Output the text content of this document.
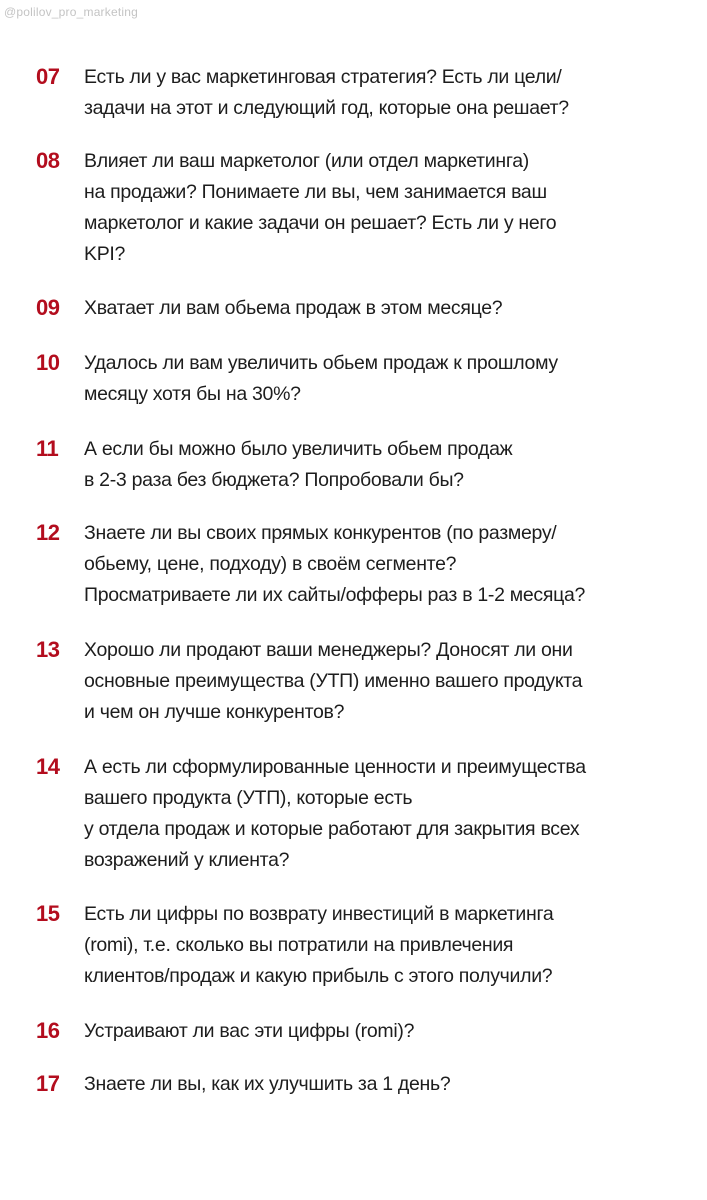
@polilov_pro_marketing
07 Есть ли у вас маркетинговая стратегия? Есть ли цели/
задачи на этот и следующий год, которые она решает?
08 Влияет ли ваш маркетолог (или отдел маркетинга)
на продажи? Понимаете ли вы, чем занимается ваш
маркетолог и какие задачи он решает? Есть ли у него
KPI?
09 Хватает ли вам обьема продаж в этом месяце?
10 Удалось ли вам увеличить обьем продаж к прошлому
месяцу хотя бы на 30%?
11 А если бы можно было увеличить обьем продаж
в 2-3 раза без бюджета? Попробовали бы?
12 Знаете ли вы своих прямых конкурентов (по размеру/
обьему, цене, подходу) в своём сегменте?
Просматриваете ли их сайты/офферы раз в 1-2 месяца?
13 Хорошо ли продают ваши менеджеры? Доносят ли они
основные преимущества (УТП) именно вашего продукта
и чем он лучше конкурентов?
14 А есть ли сформулированные ценности и преимущества
вашего продукта (УТП), которые есть
у отдела продаж и которые работают для закрытия всех
возражений у клиента?
15 Есть ли цифры по возврату инвестиций в маркетинга
(romi), т.е. сколько вы потратили на привлечения
клиентов/продаж и какую прибыль с этого получили?
16 Устраивают ли вас эти цифры (romi)?
17 Знаете ли вы, как их улучшить за 1 день?
